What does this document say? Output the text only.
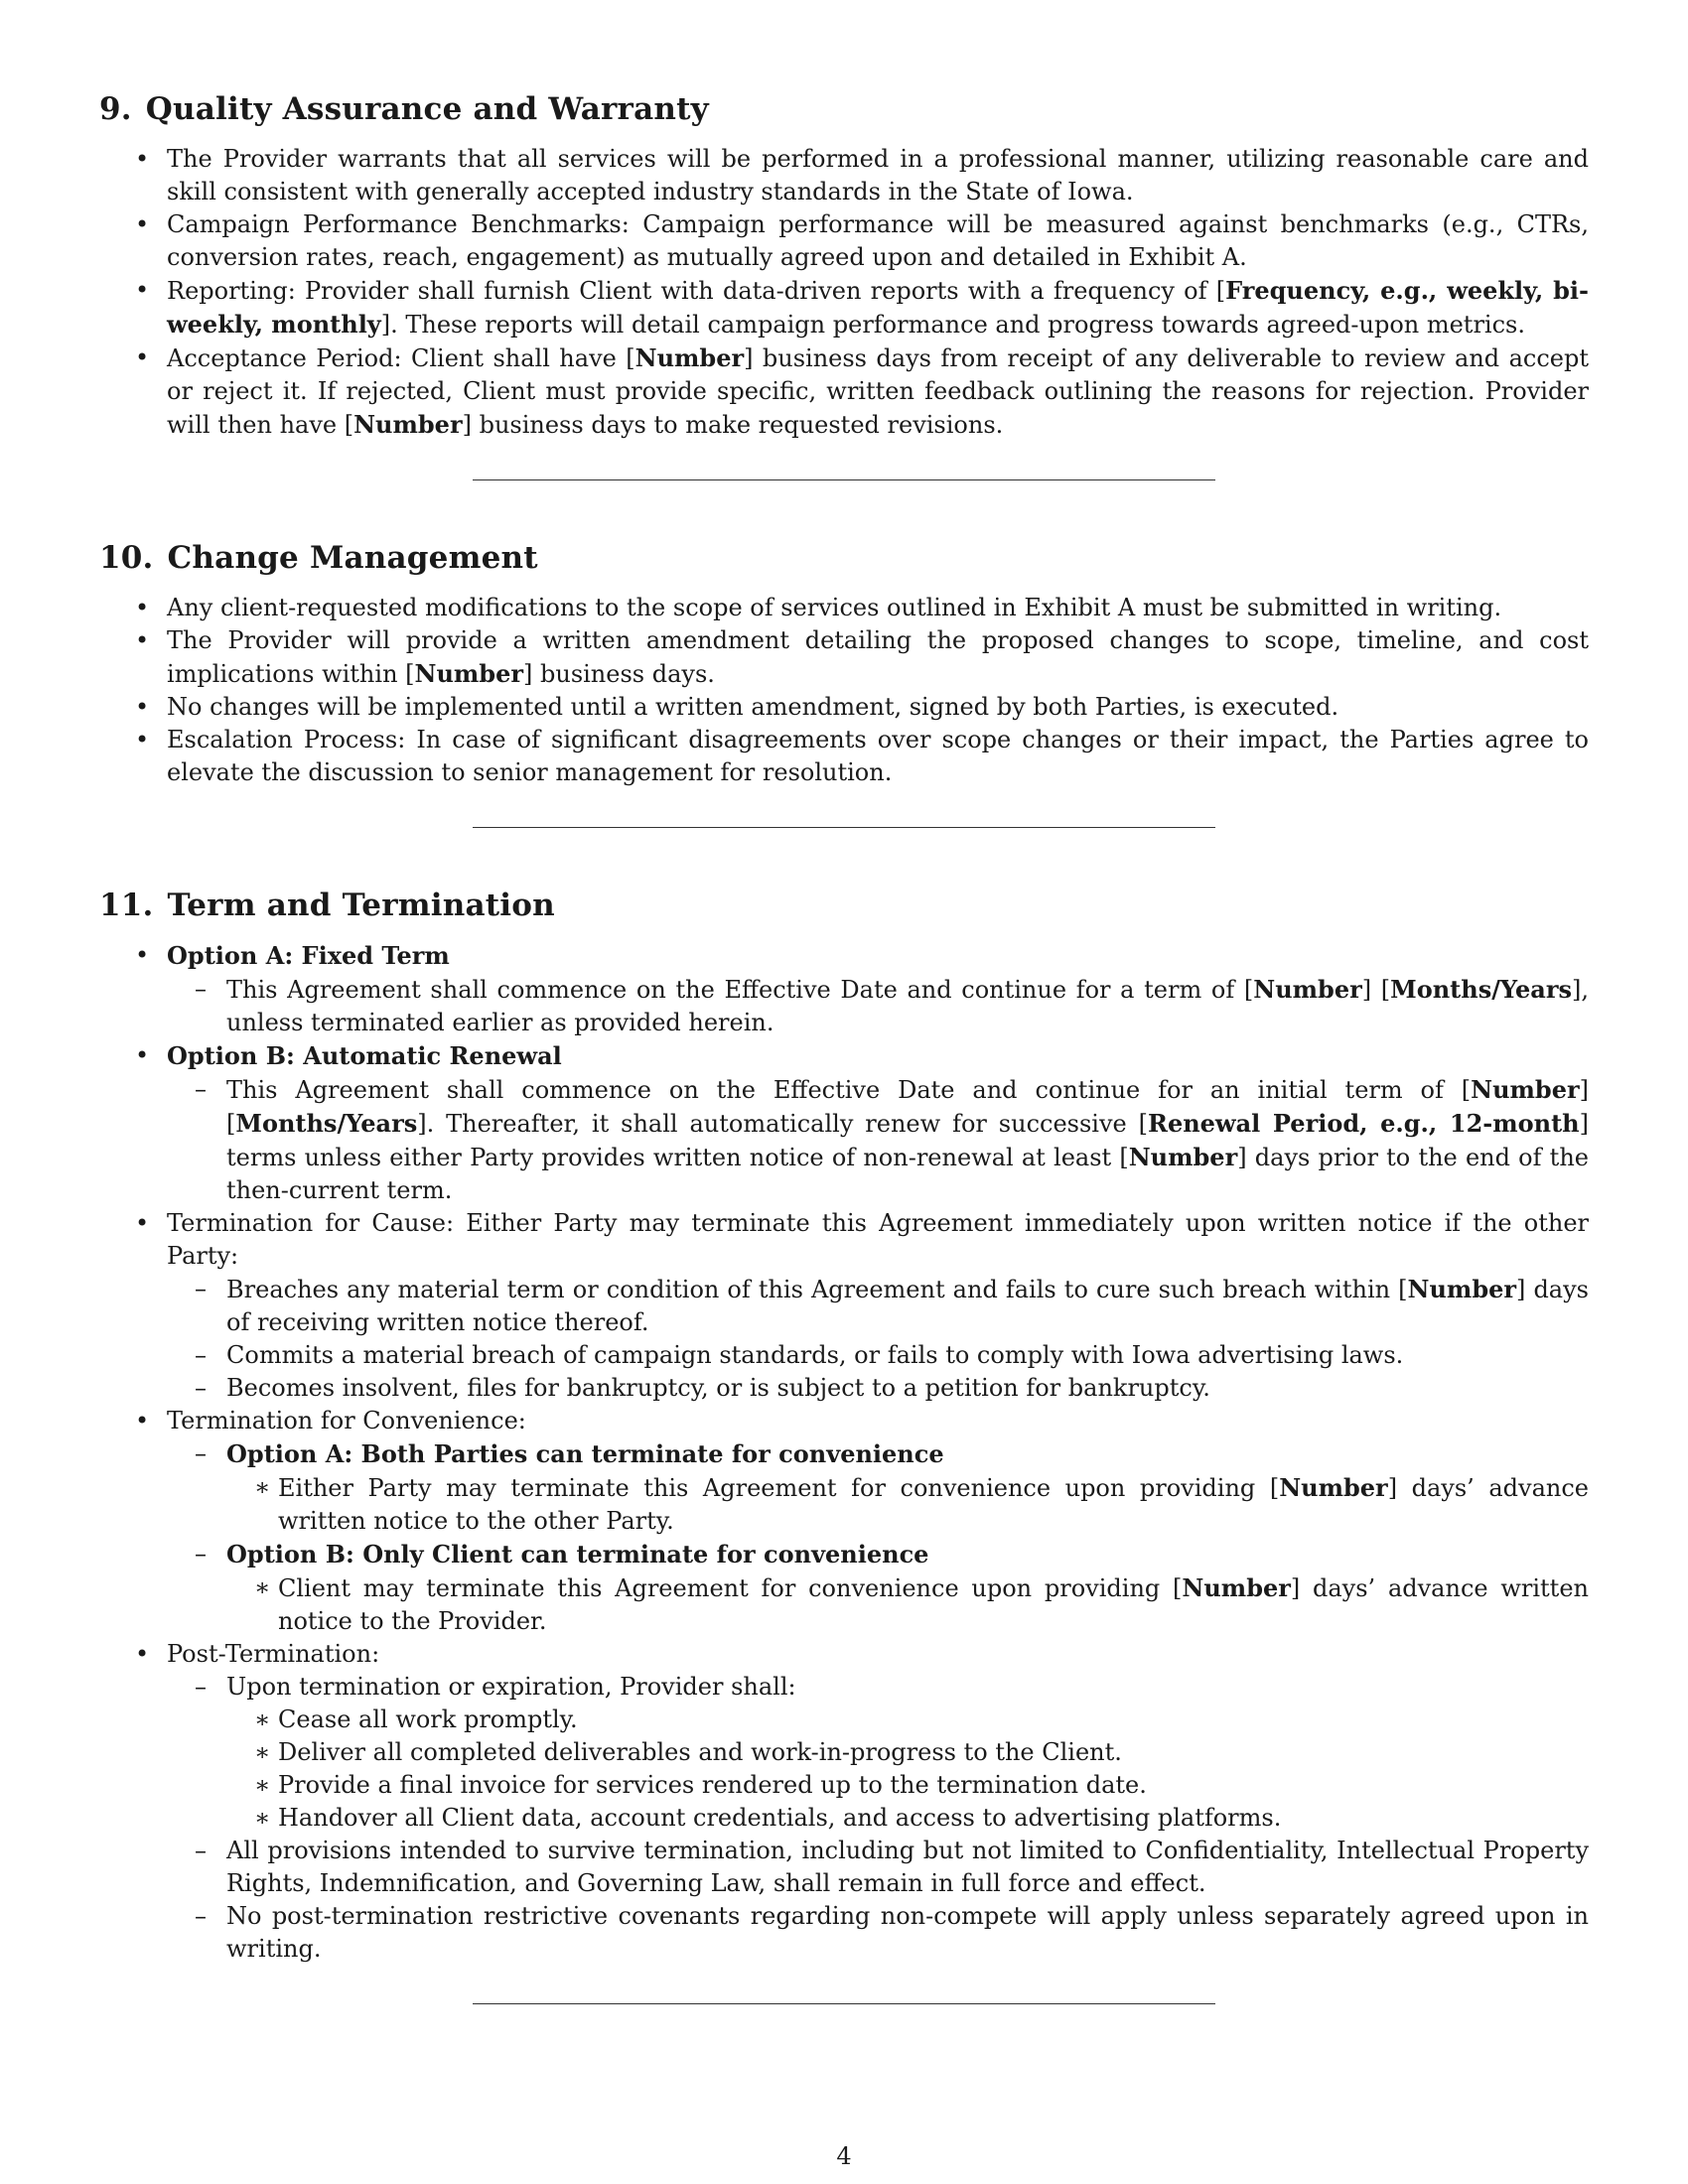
9. Quality Assurance and Warranty
• The Provider warrants that all services will be performed in a professional manner, utilizing reasonable care and skill consistent with generally accepted industry standards in the State of Iowa.
• Campaign Performance Benchmarks: Campaign performance will be measured against benchmarks (e.g., CTRs, conversion rates, reach, engagement) as mutually agreed upon and detailed in Exhibit A.
• Reporting: Provider shall furnish Client with data-driven reports with a frequency of [Frequency, e.g., weekly, bi-weekly, monthly]. These reports will detail campaign performance and progress towards agreed-upon metrics.
• Acceptance Period: Client shall have [Number] business days from receipt of any deliverable to review and accept or reject it. If rejected, Client must provide specific, written feedback outlining the reasons for rejection. Provider will then have [Number] business days to make requested revisions.
10. Change Management
• Any client-requested modifications to the scope of services outlined in Exhibit A must be submitted in writing.
• The Provider will provide a written amendment detailing the proposed changes to scope, timeline, and cost implications within [Number] business days.
• No changes will be implemented until a written amendment, signed by both Parties, is executed.
• Escalation Process: In case of significant disagreements over scope changes or their impact, the Parties agree to elevate the discussion to senior management for resolution.
11. Term and Termination
• Option A: Fixed Term
– This Agreement shall commence on the Effective Date and continue for a term of [Number] [Months/Years], unless terminated earlier as provided herein.
• Option B: Automatic Renewal
– This Agreement shall commence on the Effective Date and continue for an initial term of [Number] [Months/Years]. Thereafter, it shall automatically renew for successive [Renewal Period, e.g., 12-month] terms unless either Party provides written notice of non-renewal at least [Number] days prior to the end of the then-current term.
• Termination for Cause: Either Party may terminate this Agreement immediately upon written notice if the other Party:
– Breaches any material term or condition of this Agreement and fails to cure such breach within [Number] days of receiving written notice thereof.
– Commits a material breach of campaign standards, or fails to comply with Iowa advertising laws.
– Becomes insolvent, files for bankruptcy, or is subject to a petition for bankruptcy.
• Termination for Convenience:
– Option A: Both Parties can terminate for convenience
∗ Either Party may terminate this Agreement for convenience upon providing [Number] days’ advance written notice to the other Party.
– Option B: Only Client can terminate for convenience
∗ Client may terminate this Agreement for convenience upon providing [Number] days’ advance written notice to the Provider.
• Post-Termination:
– Upon termination or expiration, Provider shall:
∗ Cease all work promptly.
∗ Deliver all completed deliverables and work-in-progress to the Client.
∗ Provide a final invoice for services rendered up to the termination date.
∗ Handover all Client data, account credentials, and access to advertising platforms.
– All provisions intended to survive termination, including but not limited to Confidentiality, Intellectual Property Rights, Indemnification, and Governing Law, shall remain in full force and effect.
– No post-termination restrictive covenants regarding non-compete will apply unless separately agreed upon in writing.
4
